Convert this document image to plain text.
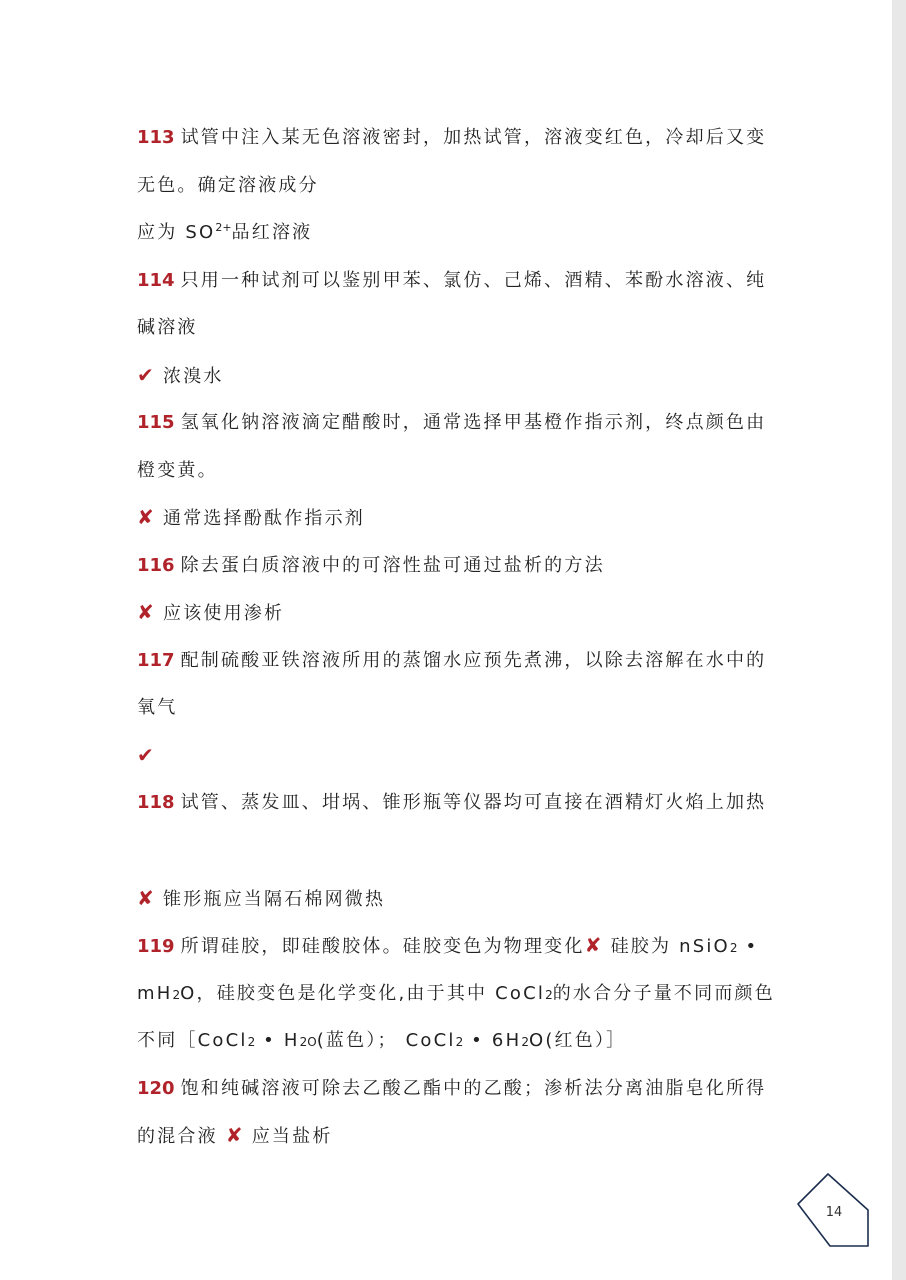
113 试管中注入某无色溶液密封，加热试管，溶液变红色，冷却后又变
无色。确定溶液成分
应为 $SO^{2+}$品红溶液
114 只用一种试剂可以鉴别甲苯、氯仿、己烯、酒精、苯酚水溶液、纯
碱溶液
✔ 浓溴水
115 氢氧化钠溶液滴定醋酸时，通常选择甲基橙作指示剂，终点颜色由
橙变黄。
✘ 通常选择酚酞作指示剂
116 除去蛋白质溶液中的可溶性盐可通过盐析的方法
✘ 应该使用渗析
117 配制硫酸亚铁溶液所用的蒸馏水应预先煮沸，以除去溶解在水中的
氧气
✔
118 试管、蒸发皿、坩埚、锥形瓶等仪器均可直接在酒精灯火焰上加热
✘ 锥形瓶应当隔石棉网微热
119 所谓硅胶，即硅酸胶体。硅胶变色为物理变化✘ 硅胶为 nSiO2 •
mH2O，硅胶变色是化学变化,由于其中 CoCl2的水合分子量不同而颜色
不同［CoCl2 • H2O(蓝色）； CoCl2 • 6H2O(红色）］
120 饱和纯碱溶液可除去乙酸乙酯中的乙酸；渗析法分离油脂皂化所得
的混合液 ✘ 应当盐析
14
